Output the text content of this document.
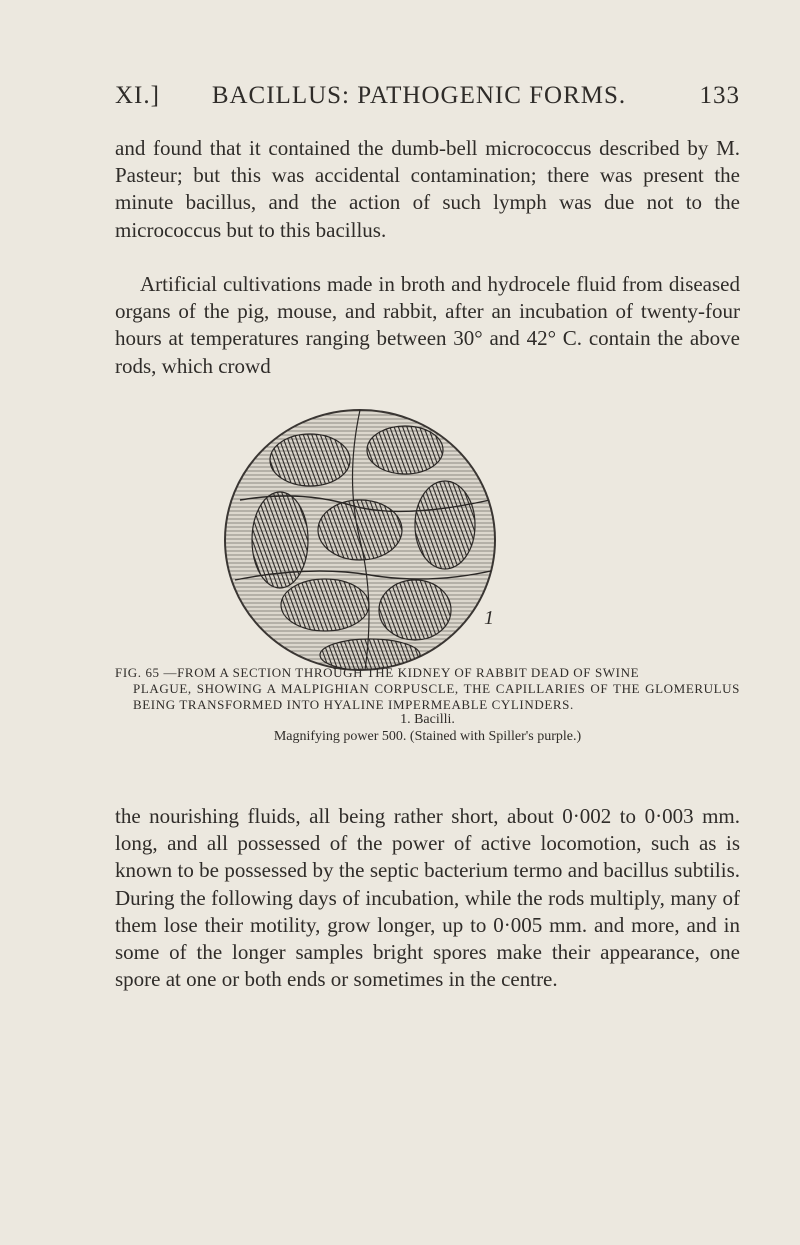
XI.]	BACILLUS: PATHOGENIC FORMS.	133

and found that it contained the dumb-bell micrococcus described by M. Pasteur; but this was accidental contamination; there was present the minute bacillus, and the action of such lymph was due not to the micrococcus but to this bacillus.

Artificial cultivations made in broth and hydrocele fluid from diseased organs of the pig, mouse, and rabbit, after an incubation of twenty-four hours at temperatures ranging between 30° and 42° C. contain the above rods, which crowd

1
FIG. 65 —FROM A SECTION THROUGH THE KIDNEY OF RABBIT DEAD OF SWINE
PLAGUE, SHOWING A MALPIGHIAN CORPUSCLE, THE CAPILLARIES OF THE GLOMERULUS BEING TRANSFORMED INTO HYALINE IMPERMEABLE CYLINDERS.
1. Bacilli.
Magnifying power 500. (Stained with Spiller's purple.)

the nourishing fluids, all being rather short, about 0·002 to 0·003 mm. long, and all possessed of the power of active locomotion, such as is known to be possessed by the septic bacterium termo and bacillus subtilis. During the following days of incubation, while the rods multiply, many of them lose their motility, grow longer, up to 0·005 mm. and more, and in some of the longer samples bright spores make their appearance, one spore at one or both ends or sometimes in the centre.
